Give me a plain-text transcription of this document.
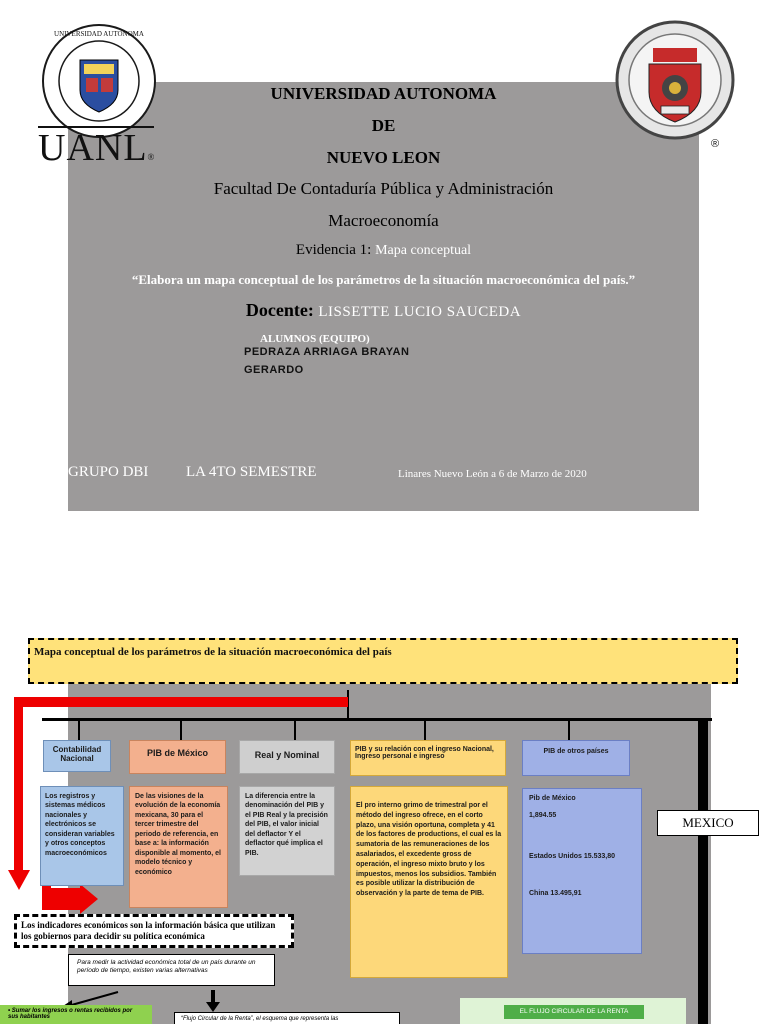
UNIVERSIDAD AUTONOMA
UANL®
®
UNIVERSIDAD AUTONOMA
DE
NUEVO LEON
Facultad De Contaduría Pública y Administración
Macroeconomía
Evidencia 1: Mapa conceptual
“Elabora un mapa conceptual de los parámetros de la situación macroeconómica del país.”
Docente: LISSETTE LUCIO SAUCEDA
ALUMNOS (EQUIPO)
PEDRAZA ARRIAGA BRAYAN
GERARDO
GRUPO DBI	LA 4TO SEMESTRE	Linares Nuevo León a 6 de Marzo de 2020
Mapa conceptual de los parámetros de la situación macroeconómica del país
Contabilidad Nacional
PIB de México	Real y Nominal
PIB y su relación con el ingreso Nacional, Ingreso personal e ingreso
PIB de otros países
Los registros y sistemas médicos nacionales y electrónicos se consideran variables y otros conceptos macroeconómicos
De las visiones de la evolución de la economía mexicana, 30 para el tercer trimestre del periodo de referencia, en base a: la información disponible al momento, el modelo técnico y económico
La diferencia entre la denominación del PIB y el PIB Real y la precisión del PIB, el valor inicial del deflactor Y el deflactor qué implica el PIB.
El pro interno grimo de trimestral por el método del ingreso ofrece, en el corto plazo, una visión oportuna, completa y 41 de los factores de productions, el cual es la sumatoria de las remuneraciones de los asalariados, el excedente gross de operación, el ingreso mixto bruto y los impuestos, menos los subsidios. También es posible utilizar la distribución de observación y la parte de tema de PIB.
Pib de México
1,894.55
Estados Unidos 15.533,80
China 13.495,91
MEXICO
Los indicadores económicos son la información básica que utilizan los gobiernos para decidir su política económica
Para medir la actividad económica total de un país durante un período de tiempo, existen varias alternativas
• Sumar los ingresos o rentas recibidos por sus habitantes	“Flujo Circular de la Renta”, el esquema que representa las
EL FLUJO CIRCULAR DE LA RENTA
